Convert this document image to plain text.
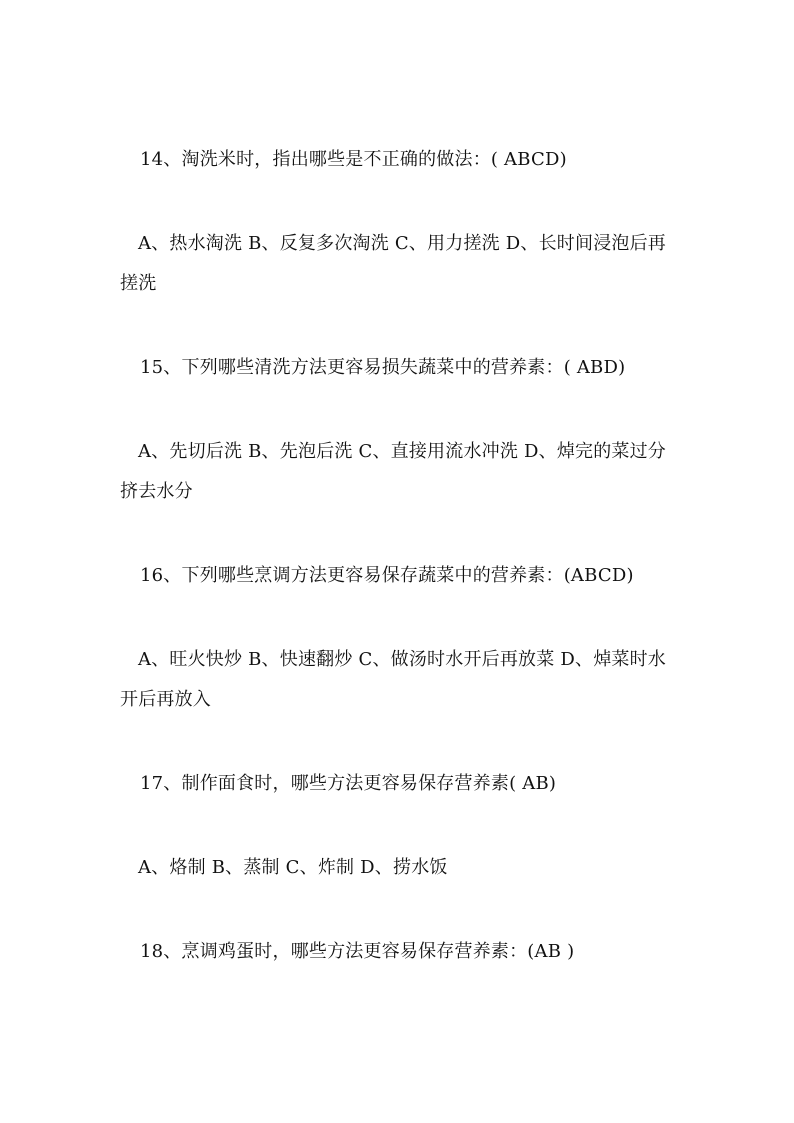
14、淘洗米时，指出哪些是不正确的做法：( ABCD)
A、热水淘洗 B、反复多次淘洗 C、用力搓洗 D、长时间浸泡后再
搓洗
15、下列哪些清洗方法更容易损失蔬菜中的营养素：( ABD)
A、先切后洗 B、先泡后洗 C、直接用流水冲洗 D、焯完的菜过分
挤去水分
16、下列哪些烹调方法更容易保存蔬菜中的营养素：(ABCD)
A、旺火快炒 B、快速翻炒 C、做汤时水开后再放菜 D、焯菜时水
开后再放入
17、制作面食时，哪些方法更容易保存营养素( AB)
A、烙制 B、蒸制 C、炸制 D、捞水饭
18、烹调鸡蛋时，哪些方法更容易保存营养素：(AB )
